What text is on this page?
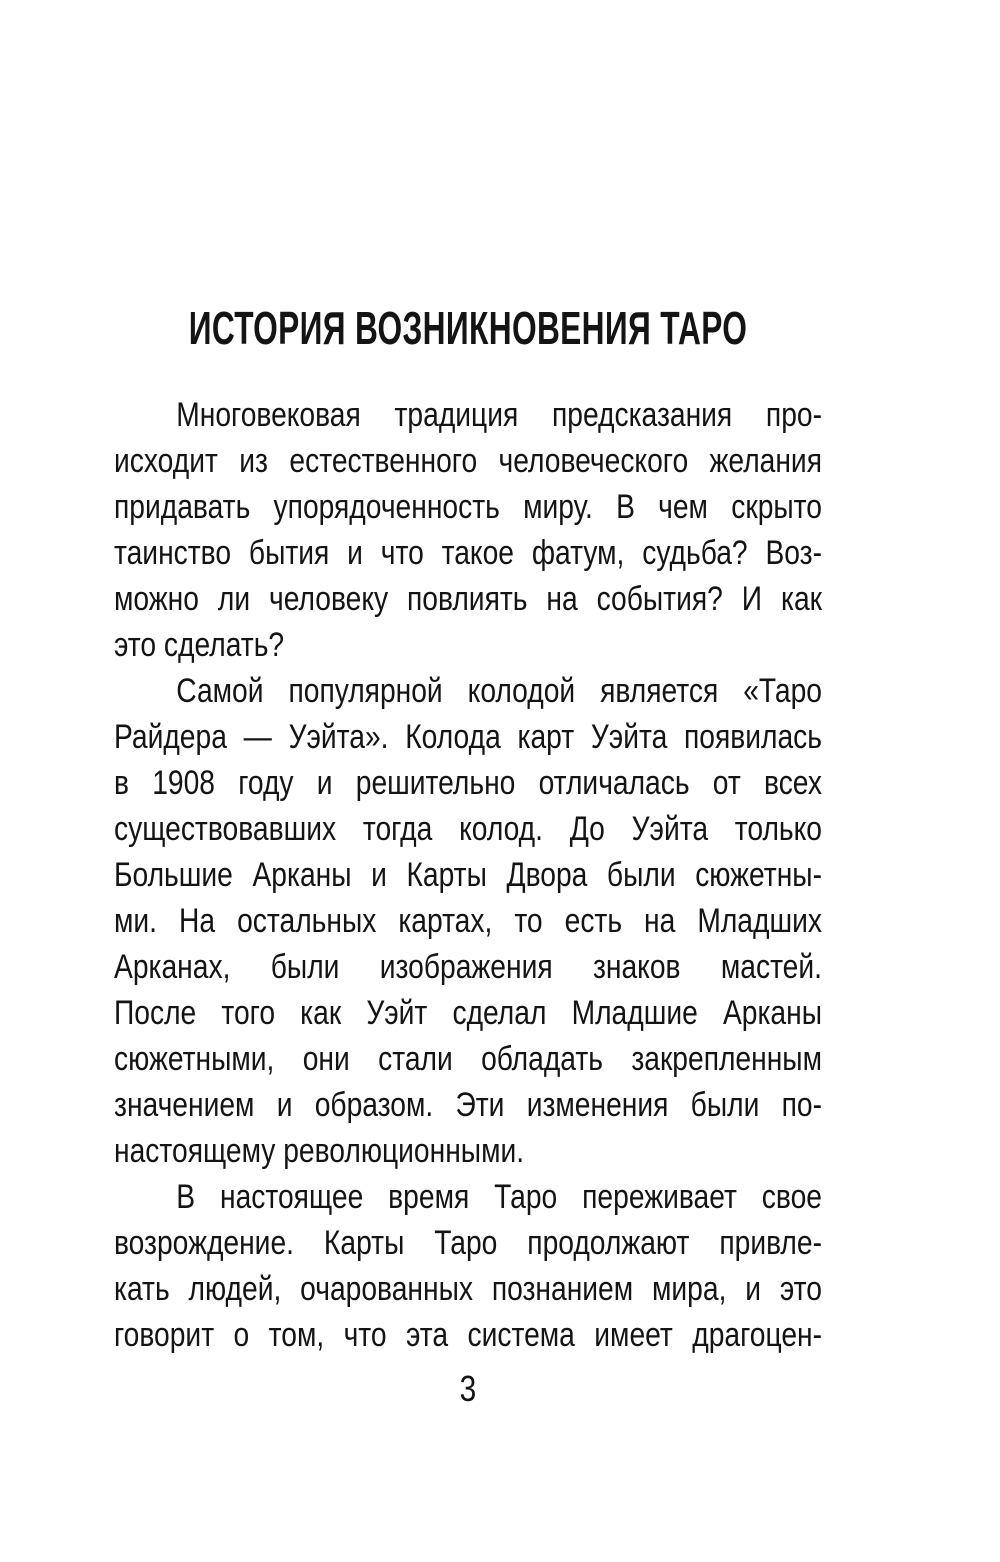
ИСТОРИЯ ВОЗНИКНОВЕНИЯ ТАРО
Многовековая традиция предсказания про-
исходит из естественного человеческого желания
придавать упорядоченность миру. В чем скрыто
таинство бытия и что такое фатум, судьба? Воз-
можно ли человеку повлиять на события? И как
это сделать?
Самой популярной колодой является «Таро
Райдера — Уэйта». Колода карт Уэйта появилась
в 1908 году и решительно отличалась от всех
существовавших тогда колод. До Уэйта только
Большие Арканы и Карты Двора были сюжетны-
ми. На остальных картах, то есть на Младших
Арканах, были изображения знаков мастей.
После того как Уэйт сделал Младшие Арканы
сюжетными, они стали обладать закрепленным
значением и образом. Эти изменения были по-
настоящему революционными.
В настоящее время Таро переживает свое
возрождение. Карты Таро продолжают привле-
кать людей, очарованных познанием мира, и это
говорит о том, что эта система имеет драгоцен-
3
